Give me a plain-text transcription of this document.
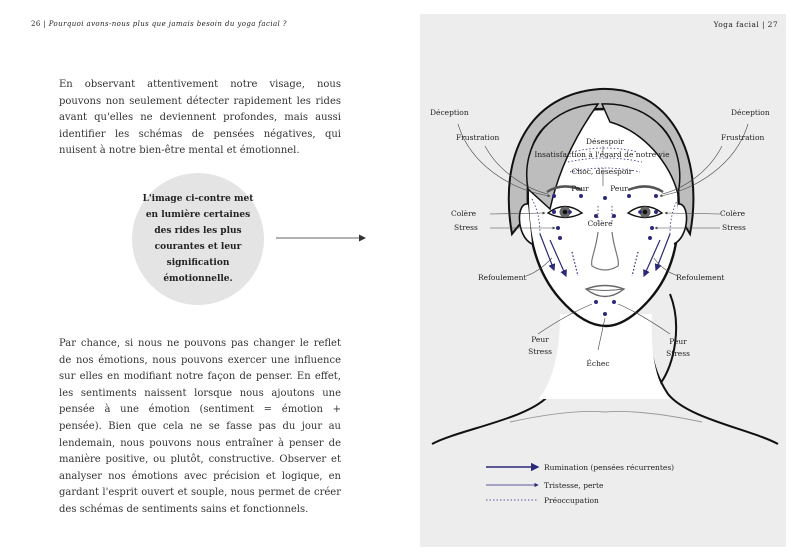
26 | Pourquoi avons-nous plus que jamais besoin du yoga facial ?

En observant attentivement notre visage, nous pouvons non seulement détecter rapidement les rides avant qu'elles ne deviennent profondes, mais aussi identifier les schémas de pensées négatives, qui nuisent à notre bien-être mental et émotionnel.

L'image ci-contre met en lumière certaines des rides les plus courantes et leur signification émotionnelle.

Par chance, si nous ne pouvons pas changer le reflet de nos émotions, nous pouvons exercer une influence sur elles en modifiant notre façon de penser. En effet, les sentiments naissent lorsque nous ajoutons une pensée à une émotion (sentiment = émotion + pensée). Bien que cela ne se fasse pas du jour au lendemain, nous pouvons nous entraîner à penser de manière positive, ou plutôt, constructive. Observer et analyser nos émotions avec précision et logique, en gardant l'esprit ouvert et souple, nous permet de créer des schémas de sentiments sains et fonctionnels.

Yoga facial | 27
Déception
Frustration
Déception
Frustration
Désespoir
Insatisfaction à l'égard de notre vie
Choc, désespoir
Peur	Peur
Colère
Stress
Colère
Stress
Colère
Refoulement	Refoulement
Peur
Stress
Peur
Stress
Échec
Rumination (pensées récurrentes)
Tristesse, perte
Préoccupation
